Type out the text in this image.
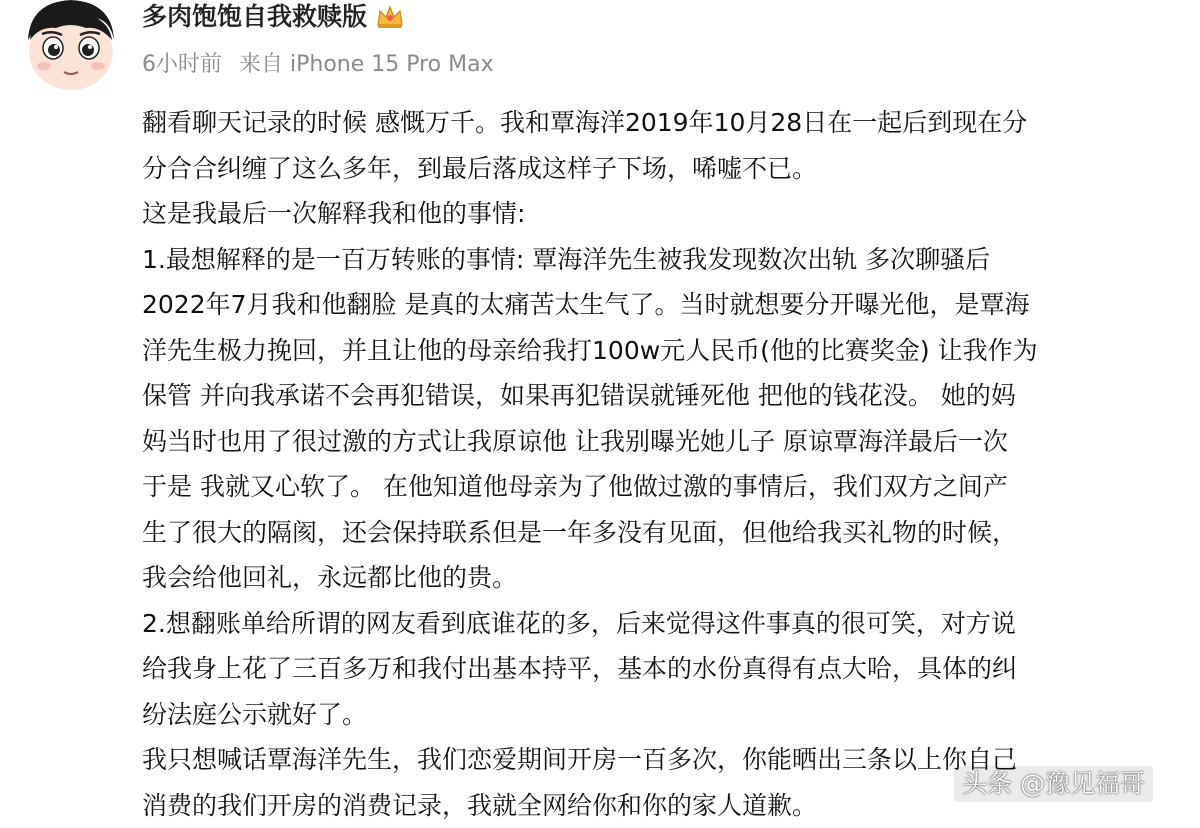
多肉饱饱自我救赎版
6小时前 来自 iPhone 15 Pro Max

翻看聊天记录的时候 感慨万千。我和覃海洋2019年10月28日在一起后到现在分

分合合纠缠了这么多年，到最后落成这样子下场，唏嘘不已。

这是我最后一次解释我和他的事情:

1.最想解释的是一百万转账的事情: 覃海洋先生被我发现数次出轨 多次聊骚后

2022年7月我和他翻脸 是真的太痛苦太生气了。当时就想要分开曝光他，是覃海

洋先生极力挽回，并且让他的母亲给我打100w元人民币(他的比赛奖金) 让我作为

保管 并向我承诺不会再犯错误，如果再犯错误就锤死他 把他的钱花没。 她的妈

妈当时也用了很过激的方式让我原谅他 让我别曝光她儿子 原谅覃海洋最后一次

于是 我就又心软了。 在他知道他母亲为了他做过激的事情后，我们双方之间产

生了很大的隔阂，还会保持联系但是一年多没有见面，但他给我买礼物的时候，

我会给他回礼，永远都比他的贵。

2.想翻账单给所谓的网友看到底谁花的多，后来觉得这件事真的很可笑，对方说

给我身上花了三百多万和我付出基本持平，基本的水份真得有点大哈，具体的纠

纷法庭公示就好了。

我只想喊话覃海洋先生，我们恋爱期间开房一百多次，你能晒出三条以上你自己

消费的我们开房的消费记录，我就全网给你和你的家人道歉。

头条 @豫见福哥
